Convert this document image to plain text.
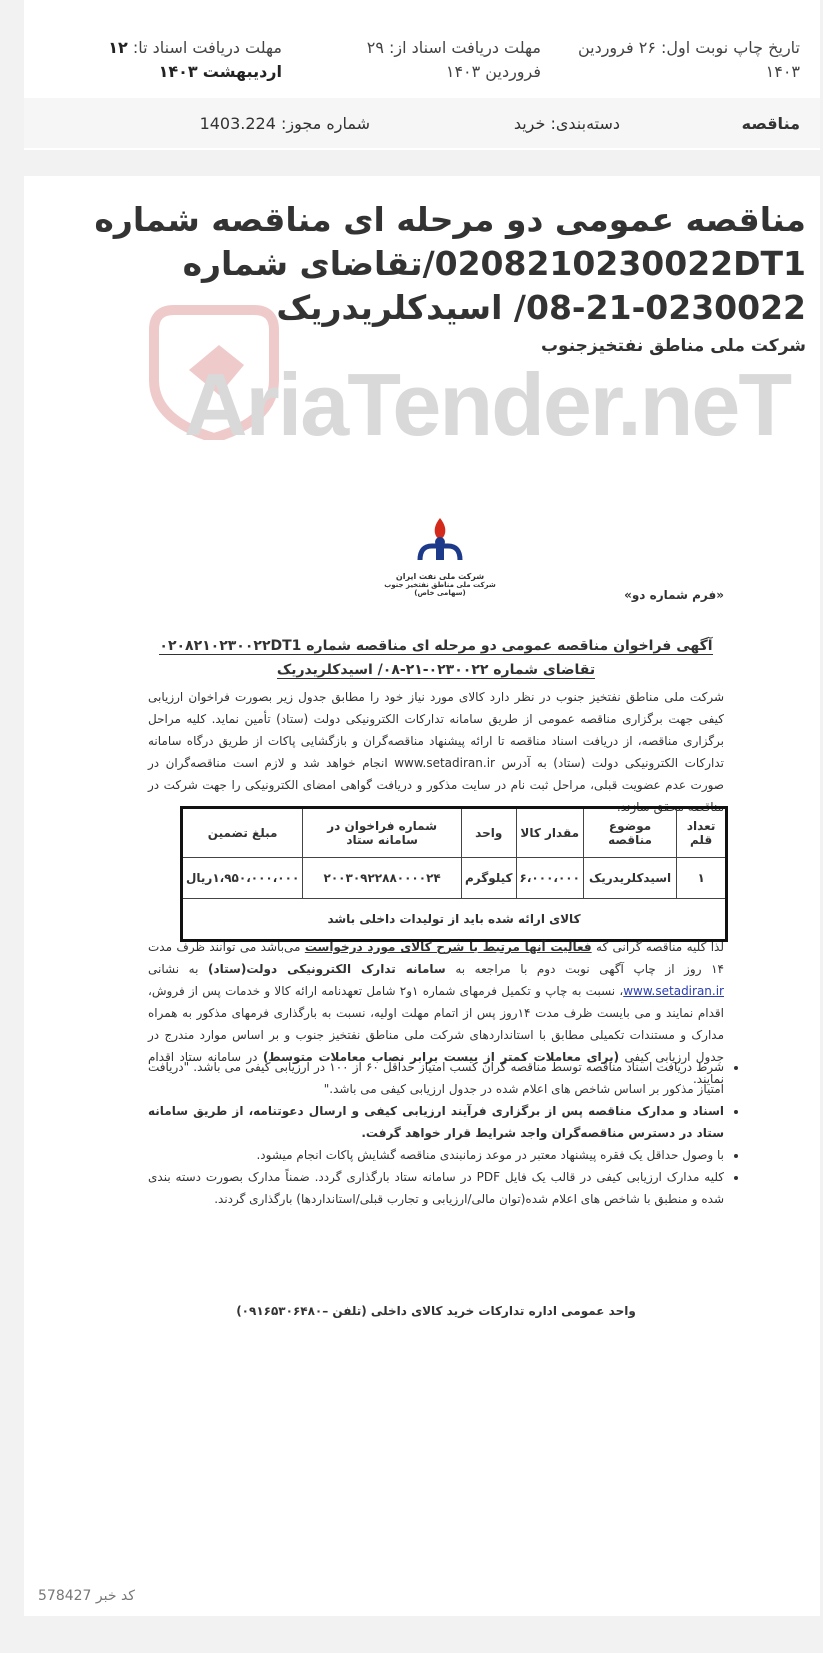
تاریخ چاپ نوبت اول: ۲۶ فروردین ۱۴۰۳
مهلت دریافت اسناد از: ۲۹ فروردین ۱۴۰۳
مهلت دریافت اسناد تا: ۱۲ اردیبهشت ۱۴۰۳
مناقصه
دسته‌بندی: خرید
شماره مجوز: 1403.224
AriaTender.neT
مناقصه عمومی دو مرحله ای مناقصه شماره 0208210230022DT1/تقاضای شماره 0230022-21-08/ اسیدکلریدریک
شرکت ملی مناطق نفتخیزجنوب
شرکت ملی نفت ایران
شرکت ملی مناطق نفتخیز جنوب (سهامی خاص)	«فرم شماره دو»
آگهی فراخوان مناقصه عمومی دو مرحله ای مناقصه شماره ۰۲۰۸۲۱۰۲۳۰۰۲۲DT1
تقاضای شماره ۰۲۳۰۰۲۲-۲۱-۰۸/ اسیدکلریدریک
شرکت ملی مناطق نفتخیز جنوب در نظر دارد کالای مورد نیاز خود را مطابق جدول زیر بصورت فراخوان ارزیابی کیفی جهت برگزاری مناقصه عمومی از طریق سامانه تدارکات الکترونیکی دولت (ستاد) تأمین نماید. کلیه مراحل برگزاری مناقصه، از دریافت اسناد مناقصه تا ارائه پیشنهاد مناقصه‌گران و بازگشایی پاکات از طریق درگاه سامانه تدارکات الکترونیکی دولت (ستاد) به آدرس www.setadiran.ir انجام خواهد شد و لازم است مناقصه‌گران در صورت عدم عضویت قبلی، مراحل ثبت نام در سایت مذکور و دریافت گواهی امضای الکترونیکی را جهت شرکت در مناقصه محقق سازند.
تعداد قلم	موضوع مناقصه	مقدار کالا	واحد	شماره فراخوان در سامانه ستاد	مبلغ تضمین
۱	اسیدکلریدریک	۶،۰۰۰،۰۰۰	کیلوگرم	۲۰۰۳۰۹۲۲۸۸۰۰۰۰۲۴	۱،۹۵۰،۰۰۰،۰۰۰ریال
کالای ارائه شده باید از تولیدات داخلی باشد					
لذا کلیه مناقصه گرانی که فعالیت آنها مرتبط با شرح کالای مورد درخواست می‌باشد می توانند ظرف مدت ۱۴ روز از چاپ آگهی نوبت دوم با مراجعه به سامانه تدارک الکترونیکی دولت(ستاد) به نشانی www.setadiran.ir، نسبت به چاپ و تکمیل فرمهای شماره ۱و۲ شامل تعهدنامه ارائه کالا و خدمات پس از فروش، اقدام نمایند و می بایست ظرف مدت ۱۴روز پس از اتمام مهلت اولیه، نسبت به بارگذاری فرمهای مذکور به همراه مدارک و مستندات تکمیلی مطابق با استانداردهای شرکت ملی مناطق نفتخیز جنوب و بر اساس موارد مندرج در جدول ارزیابی کیفی (برای معاملات کمتر از بیست برابر نصاب معاملات متوسط) در سامانه ستاد اقدام نمایند.
• شرط دریافت اسناد مناقصه توسط مناقصه گران کسب امتیاز حداقل ۶۰ از ۱۰۰ در ارزیابی کیفی می باشد. "دریافت امتیاز مذکور بر اساس شاخص های اعلام شده در جدول ارزیابی کیفی می باشد."
• اسناد و مدارک مناقصه پس از برگزاری فرآیند ارزیابی کیفی و ارسال دعوتنامه، از طریق سامانه ستاد در دسترس مناقصه‌گران واجد شرایط قرار خواهد گرفت.
• با وصول حداقل یک فقره پیشنهاد معتبر در موعد زمانبندی مناقصه گشایش پاکات انجام میشود.
• کلیه مدارک ارزیابی کیفی در قالب یک فایل PDF در سامانه ستاد بارگذاری گردد. ضمناً مدارک بصورت دسته بندی شده و منطبق با شاخص های اعلام شده(توان مالی/ارزیابی و تجارب قبلی/استانداردها) بارگذاری گردند.
واحد عمومی اداره تدارکات خرید کالای داخلی (تلفن –۰۹۱۶۵۳۰۶۴۸۰)
کد خبر 578427
